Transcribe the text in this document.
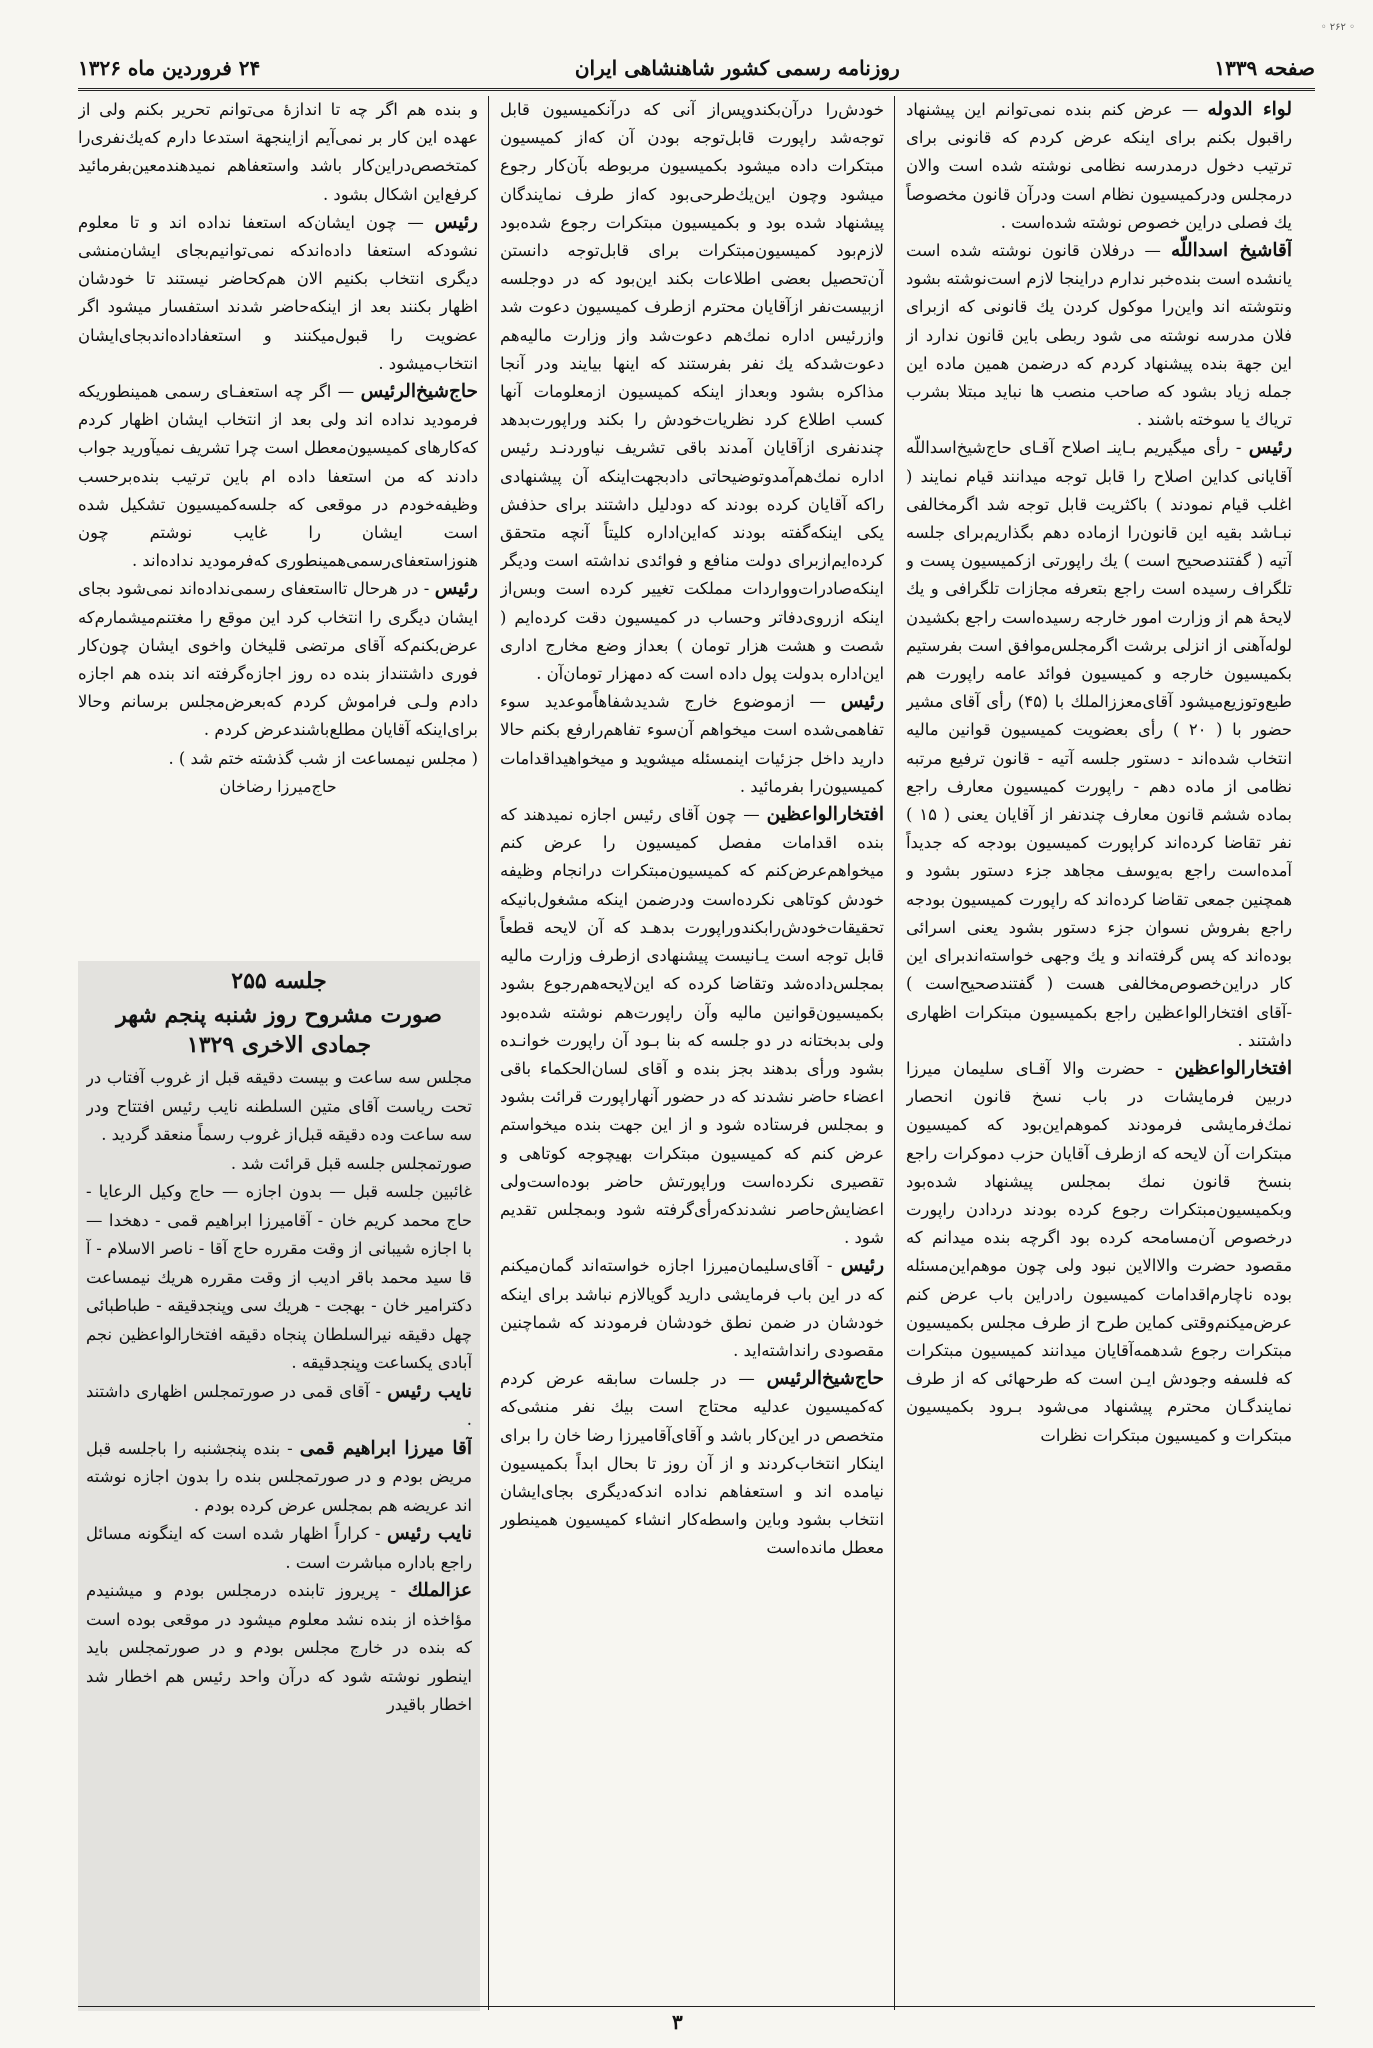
◦ ۲۶۲ ◦
صفحه ۱۳۳۹
روزنامه رسمی کشور شاهنشاهی ایران
۲۴ فروردین ماه ۱۳۲۶

لواء الدوله — عرض کنم بنده نمی‌توانم این پیشنهاد راقبول بکنم برای اینکه عرض کردم که قانونی برای ترتیب دخول درمدرسه نظامی نوشته شده است والان درمجلس ودرکمیسیون نظام است ودرآن قانون مخصوصاً یك فصلی دراین خصوص نوشته شده‌است .

آقاشیخ اسداللّه — درفلان قانون نوشته شده است یانشده است بنده‌خبر ندارم دراینجا لازم است‌نوشته بشود ونتوشته اند واین‌را موکول کردن یك قانونی که ازبرای فلان مدرسه نوشته می شود ربطی باین قانون ندارد از این جهة بنده پیشنهاد کردم که درضمن همین ماده این جمله زیاد بشود که صاحب منصب ها نباید مبتلا بشرب تریاك یا سوخته باشند .

رئیس - رأی میگیریم بـاینـ اصلاح آقـای حاج‌شیخ‌اسداللّه آقایانی کداین اصلاح را قابل توجه میدانند قیام نمایند ( اغلب قیام نمودند ) باکثریت قابل توجه شد اگرمخالفی نبـاشد بقیه این قانون‌را ازماده دهم بگذاریم‌برای جلسه آتیه ( گفتندصحیح است ) یك راپورتی ازکمیسیون پست و تلگراف رسیده است راجع بتعرفه مجازات تلگرافی و یك لایحۀ هم از وزارت امور خارجه رسیده‌است راجع بکشیدن لوله‌آهنی از انزلی برشت اگرمجلس‌موافق است بفرستیم بکمیسیون خارجه و کمیسیون فوائد عامه راپورت هم طبع‌وتوزیع‌میشود آقای‌معززالملك با (۴۵) رأی آقای مشیر حضور با ( ۲۰ ) رأی بعضویت کمیسیون قوانین مالیه انتخاب شده‌اند - دستور جلسه آتیه - قانون ترفیع مرتبه نظامی از ماده دهم - راپورت کمیسیون معارف راجع بماده ششم قانون معارف چندنفر از آقایان یعنی ( ۱۵ ) نفر تقاضا کرده‌اند کراپورت کمیسیون بودجه که جدیداً آمده‌است راجع به‌یوسف مجاهد جزء دستور بشود و همچنین جمعی تقاضا کرده‌اند که راپورت کمیسیون بودجه راجع بفروش نسوان جزء دستور بشود یعنی اسرائی بوده‌اند که پس گرفته‌اند و یك وجهی خواسته‌اندبرای این کار دراین‌خصوص‌مخالفی هست ( گفتندصحیح‌است ) -آقای افتخارالواعظین راجع بکمیسیون مبتکرات اظهاری داشتند .

افتخارالواعظین - حضرت والا آقـای سلیمان میرزا دربین فرمایشات در باب نسخ قانون انحصار نمك‌فرمایشی فرمودند کموهم‌این‌بود که کمیسیون مبتکرات آن لایحه که ازطرف آقایان حزب دموکرات راجع بنسخ قانون نمك بمجلس پیشنهاد شده‌بود وبکمیسیون‌مبتکرات رجوع کرده بودند دردادن راپورت درخصوص آن‌مسامحه کرده بود اگرچه بنده میدانم که مقصود حضرت والاالاین نبود ولی چون موهم‌این‌مسئله بوده ناچارم‌اقدامات کمیسیون رادراین باب عرض کنم عرض‌میکنم‌وقتی کماین طرح از طرف مجلس بکمیسیون مبتکرات رجوع شدهمه‌آقایان میدانند کمیسیون مبتکرات که فلسفه وجودش ایـن است که طرحهائی که از طرف نمایندگـان محترم پیشنهاد می‌شود بـرود بکمیسیون مبتکرات و کمیسیون مبتکرات نظرات

خودش‌را درآن‌بکندوپس‌از آنی که درآنکمیسیون قابل توجه‌شد راپورت قابل‌توجه بودن آن که‌از کمیسیون مبتکرات داده میشود بکمیسیون مربوطه بآن‌کار رجوع میشود وچون این‌یك‌طرحی‌بود که‌از طرف نمایندگان پیشنهاد شده بود و بکمیسیون مبتکرات رجوع شده‌بود لازم‌بود کمیسیون‌مبتکرات برای قابل‌توجه دانستن آن‌تحصیل بعضی اطلاعات بکند این‌بود که در دوجلسه ازبیست‌نفر ازآقایان محترم ازطرف کمیسیون دعوت شد وازرئیس اداره نمك‌هم دعوت‌شد واز وزارت مالیه‌هم دعوت‌شدکه یك نفر بفرستند که اینها بیایند ودر آنجا مذاکره بشود وبعداز اینکه کمیسیون ازمعلومات آنها کسب اطلاع کرد نظریات‌خودش را بکند وراپورت‌بدهد چندنفری ازآقایان آمدند باقی تشریف نیاوردنـد رئیس اداره نمك‌هم‌آمدوتوضیحاتی دادبجهت‌اینکه آن پیشنهادی راکه آقایان کرده بودند که دودلیل داشتند برای حذفش یکی اینکه‌گفته بودند که‌این‌اداره کلیتاً آنچه متحقق کرده‌ایم‌ازبرای دولت منافع و فوائدی نداشته است ودیگر اینکه‌صادرات‌وواردات مملکت تغییر کرده است وبس‌از اینکه ازروی‌دفاتر وحساب در کمیسیون دقت کرده‌ایم ( شصت و هشت هزار تومان ) بعداز وضع مخارج اداری این‌اداره بدولت پول داده است که دمهزار تومان‌آن .

رئیس — ازموضوع خارج شدید‌شفاهاً‌موعدید سوء تفاهمی‌شده است میخواهم آن‌سوء تفاهم‌رارفع بکنم حالا دارید داخل جزئیات اینمسئله میشوید و میخواهیداقدامات کمیسیون‌را بفرمائید .

افتخارالواعظین — چون آقای رئیس اجازه نمیدهند که بنده اقدامات مفصل کمیسیون را عرض کنم میخواهم‌عرض‌کنم که کمیسیون‌مبتکرات درانجام وظیفه خودش کوتاهی نکرده‌است ودرضمن اینکه مشغول‌بانیکه تحقیقات‌خودش‌رابکندوراپورت بدهـد که آن لایحه قطعاً قابل توجه است یـانیست پیشنهادی ازطرف وزارت مالیه بمجلس‌داده‌شد وتقاضا کرده که این‌لایحه‌هم‌رجوع بشود بکمیسیون‌قوانین مالیه وآن راپورت‌هم نوشته شده‌بود ولی بدبختانه در دو جلسه که بنا بـود آن راپورت خوانـده بشود ورأی بدهند بجز بنده و آقای لسان‌الحکماء باقی اعضاء حاضر نشدند که در حضور آنهاراپورت قرائت بشود و بمجلس فرستاده شود و از این جهت بنده میخواستم عرض کنم که کمیسیون مبتکرات بهیچوجه کوتاهی و تقصیری نکرده‌است وراپورتش حاضر بوده‌است‌ولی اعضایش‌حاصر نشدند‌که‌رأی‌گرفته شود وبمجلس تقدیم شود .

رئیس - آقای‌سلیمان‌میرزا اجازه خواسته‌اند گمان‌میکنم که در این باب فرمایشی دارید گویالازم نباشد برای اینکه خودشان در ضمن نطق خودشان فرمودند که شماچنین مقصودی رانداشته‌اید .

حاج‌شیخ‌الرئیس — در جلسات سابقه عرض کردم که‌کمیسیون عدلیه محتاج است بیك نفر منشی‌که متخصص در این‌کار باشد و آقای‌آقامیرزا رضا خان را برای اینکار انتخاب‌کردند و از آن روز تا بحال ابداً بکمیسیون نیامده اند و استعفاهم نداده اندکه‌دیگری بجای‌ایشان انتخاب بشود وباین واسطه‌کار انشاء کمیسیون همینطور معطل مانده‌است

و بنده هم اگر چه تا اندازۀ می‌توانم تحریر بکنم ولی از عهده این کار بر نمی‌آیم ازاینجهة استدعا دارم که‌یك‌نفری‌را کمتخصص‌دراین‌کار باشد واستعفاهم نمیدهند‌معین‌بفرمائید کرفع‌این اشکال بشود .

رئیس — چون ایشان‌که استعفا نداده اند و تا معلوم نشود‌که استعفا داده‌اند‌که نمی‌توانیم‌بجای ایشان‌منشی دیگری انتخاب بکنیم الان هم‌کحاضر نیستند تا خودشان اظهار بکنند بعد از اینکه‌حاضر شدند استفسار میشود اگر عضویت را قبول‌میکنند و استعفاداده‌اندبجای‌ایشان انتخاب‌میشود .

حاج‌شیخ‌الرئیس — اگر چه استعفـای رسمی همینطوریکه فرمودید نداده اند ولی بعد از انتخاب ایشان اظهار کردم که‌کارهای کمیسیون‌معطل است چرا تشریف نمیآورید جواب دادند که من استعفا داده ام باین ترتیب بنده‌برحسب وظیفه‌خودم در موقعی که جلسه‌کمیسیون تشکیل شده است ایشان را غایب نوشتم چون هنوزاستعفای‌رسمی‌همینطوری که‌فرمودید نداده‌اند .

رئیس - در هرحال تااستعفای رسمی‌نداده‌اند نمی‌شود بجای ایشان دیگری را انتخاب کرد این موقع را مغتنم‌میشمارم‌که عرض‌بکنم‌که آقای مرتضی قلیخان واخوی ایشان چون‌کار فوری داشتنداز بنده ده روز اجازه‌گرفته اند بنده هم اجازه دادم ولـی فراموش کردم که‌بعرض‌مجلس برسانم وحالا برای‌اینکه آقایان مطلع‌باشند‌عرض کردم .

( مجلس نیمساعت از شب گذشته ختم شد ) .

حاج‌میرزا رضاخان

جلسه ۲۵۵
صورت مشروح روز شنبه پنجم شهر جمادی الاخری ۱۳۲۹

مجلس سه ساعت و بیست دقیقه قبل از غروب آفتاب در تحت ریاست آقای متین السلطنه نایب رئیس افتتاح ودر سه ساعت وده دقیقه قبل‌از غروب رسماً منعقد گردید .

صورتمجلس جلسه قبل قرائت شد .

غائبین جلسه قبل — بدون اجازه — حاج وکیل الرعایا - حاج محمد کریم خان - آقامیرزا ابراهیم قمی - دهخدا — با اجازه شیبانی از وقت مقرره حاج آقا - ناصر الاسلام - آ قا سید محمد باقر ادیب از وقت مقرره هریك نیمساعت دکترامیر خان - بهجت - هریك سی وپنجدقیقه - طباطبائی چهل دقیقه نیرالسلطان پنجاه دقیقه افتخارالواعظین نجم آبادی یکساعت وپنجدقیقه .

نایب رئیس - آقای قمی در صورتمجلس اظهاری داشتند .

آقا میرزا ابراهیم قمی - بنده پنجشنبه را باجلسه قبل مریض بودم و در صورتمجلس بنده را بدون اجازه نوشته اند عریضه هم بمجلس عرض کرده بودم .

نایب رئیس - کراراً اظهار شده است که اینگونه مسائل راجع باداره مباشرت است .

عزالملك - پریروز تابنده درمجلس بودم و میشنیدم مؤاخذه از بنده نشد معلوم میشود در موقعی بوده است که بنده در خارج مجلس بودم و در صورتمجلس باید اینطور نوشته شود که درآن واحد رئیس هم اخطار شد اخطار باقیدر

۳
